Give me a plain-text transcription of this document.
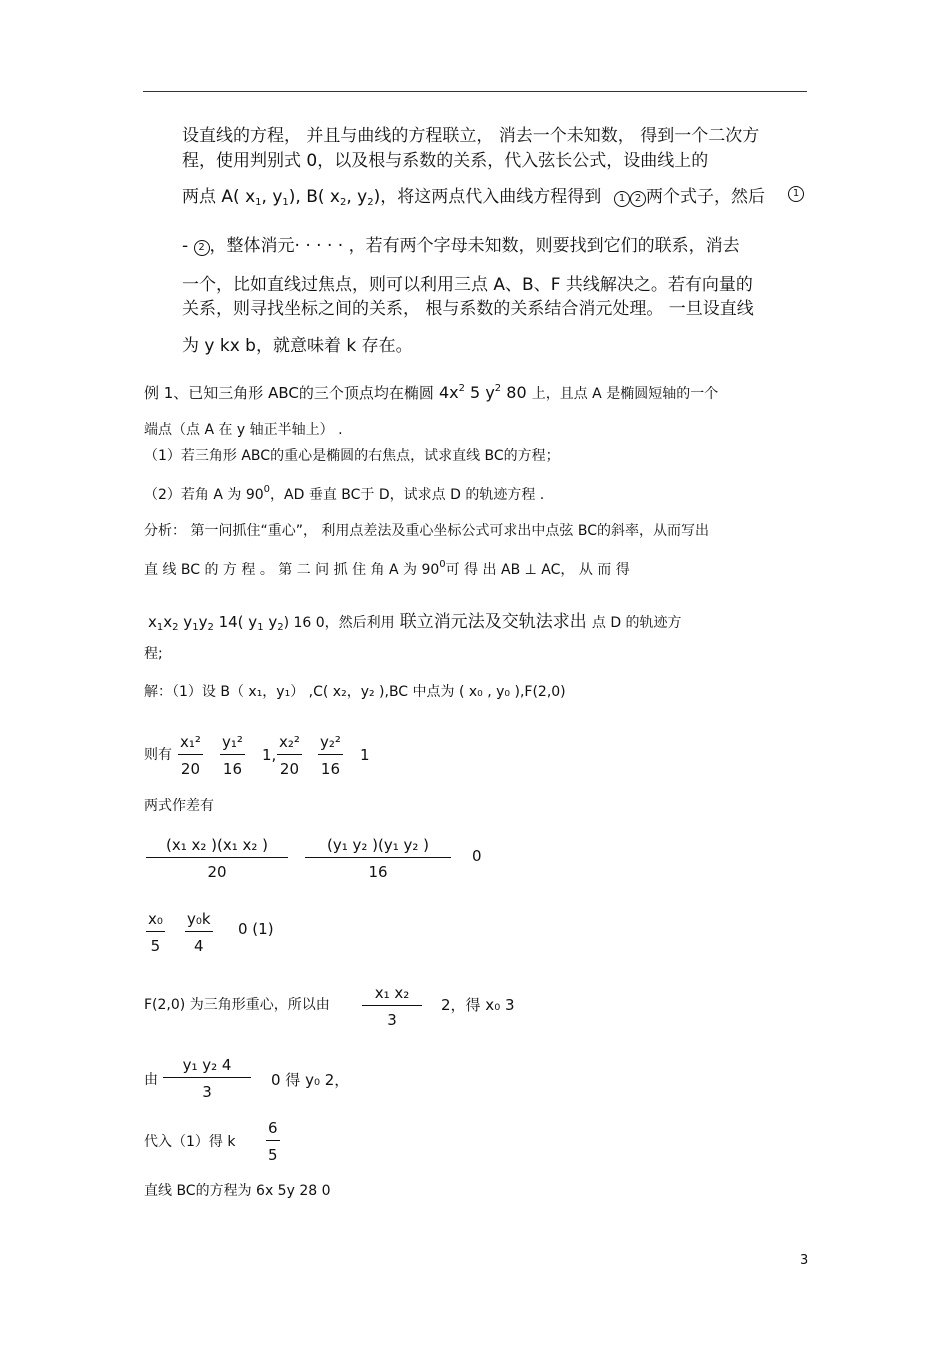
设直线的方程， 并且与曲线的方程联立， 消去一个未知数， 得到一个二次方
程，使用判别式 0，以及根与系数的关系，代入弦长公式，设曲线上的
两点 A( $x_1$, $y_1$), B( $x_2$, $y_2$)，将这两点代入曲线方程得到	1 2 两个式子，然后	1
- 2 ，整体消元· · · · · ，若有两个字母未知数，则要找到它们的联系，消去
一个，比如直线过焦点，则可以利用三点 A、B、F 共线解决之。若有向量的
关系，则寻找坐标之间的关系， 根与系数的关系结合消元处理。 一旦设直线
为 y kx b，就意味着 k 存在。
例 1、已知三角形 ABC的三个顶点均在椭圆 $4x^2$ 5 $y^2$ 80 上，且点 A 是椭圆短轴的一个
端点（点 A 在 y 轴正半轴上） .
（1）若三角形 ABC的重心是椭圆的右焦点，试求直线 BC的方程；
（2）若角 A 为 $90^0$，AD 垂直 BC于 D，试求点 D 的轨迹方程 .
分析： 第一问抓住“重心”， 利用点差法及重心坐标公式可求出中点弦 BC的斜率，从而写出
直 线 BC 的 方 程 。 第 二 问 抓 住 角 A 为 $90^0$可 得 出 AB ⊥ AC， 从 而 得
$x_1x_2$ $y_1y_2$ 14( $y_1$ $y_2$) 16 0，然后利用 联立消元法及交轨法求出 点 D 的轨迹方
程;
解：（1）设 B（ x₁，y₁） ,C( x₂，y₂ ),BC 中点为 ( x₀ , y₀ ),F(2,0)
则有 $\frac{\text{x₁²}}{20} \frac{\text{y₁²}}{16} 1$, $\frac{\text{x₂²}}{20} \frac{\text{y₂²}}{16} 1$
两式作差有
$\frac{\text{(x₁ x₂ )(x₁ x₂ )}}{20} \frac{\text{(y₁ y₂ )(y₁ y₂ )}}{16} 0$
$\frac{\text{x₀}}{5} \frac{\text{y₀k}}{4} 0$ (1)
F(2,0) 为三角形重心，所以由 $\frac{\text{x₁ x₂}}{3} 2$，得 x₀ 3
由 $\frac{\text{y₁ y₂ 4}}{3} 0$ 得 y₀ 2，
代入（1）得 k $\frac{6}{5}$
直线 BC的方程为 6x 5y 28 0
3
